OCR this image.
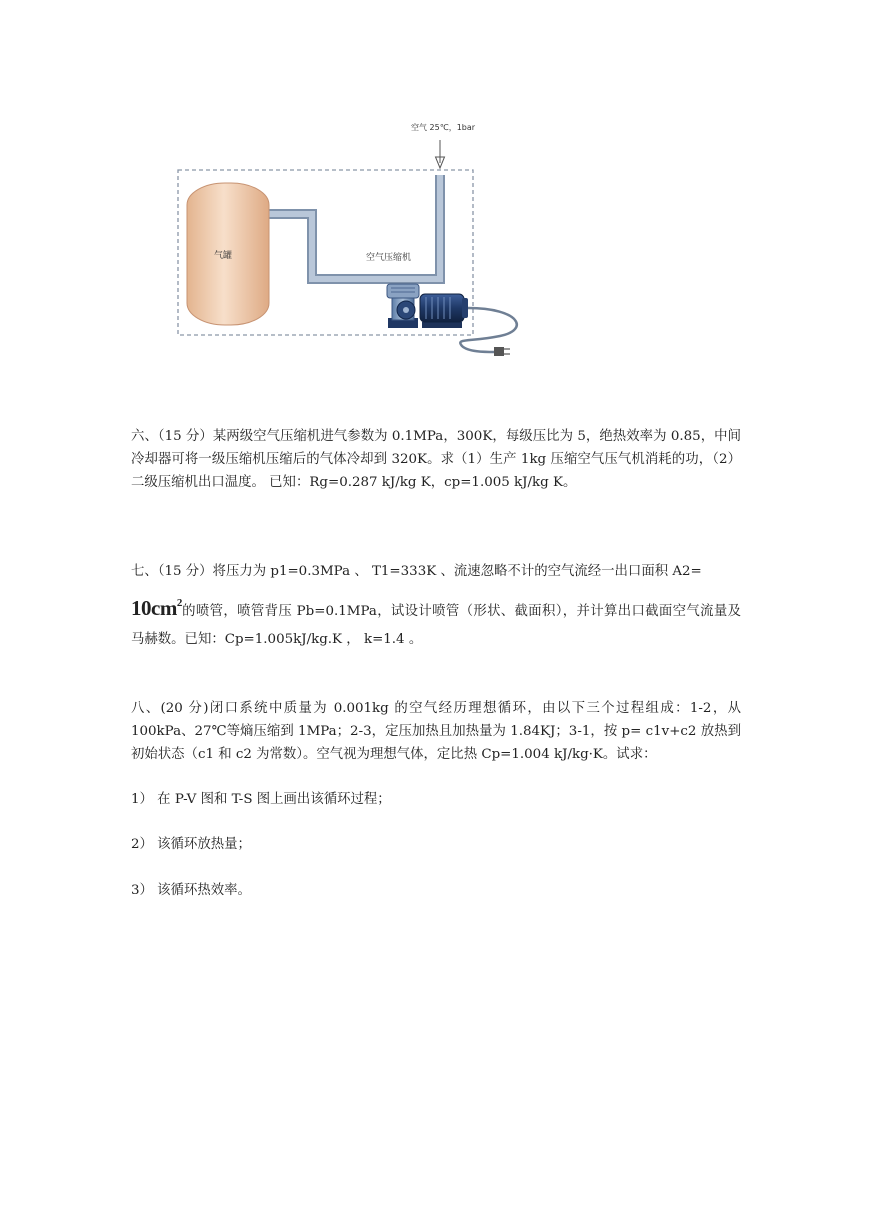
空气 25℃，1bar
气罐	空气压缩机

六、（15 分）某两级空气压缩机进气参数为 0.1MPa，300K，每级压比为 5，绝热效率为 0.85，中间冷却器可将一级压缩机压缩后的气体冷却到 320K。求（1）生产 1kg 压缩空气压气机消耗的功，（2）二级压缩机出口温度。 已知：Rg=0.287 kJ/kg K，cp=1.005 kJ/kg K。

七、（15 分）将压力为 p1=0.3MPa 、 T1=333K 、流速忽略不计的空气流经一出口面积 A2=

$10cm^2$的喷管，喷管背压 Pb=0.1MPa，试设计喷管（形状、截面积），并计算出口截面空气流量及马赫数。已知：Cp=1.005kJ/kg.K ， k=1.4 。

八、(20 分)闭口系统中质量为 0.001kg 的空气经历理想循环，由以下三个过程组成：1-2，从 100kPa、27℃等熵压缩到 1MPa；2-3，定压加热且加热量为 1.84KJ；3-1，按 p= c1v+c2 放热到初始状态（c1 和 c2 为常数）。空气视为理想气体，定比热 Cp=1.004 kJ/kg·K。试求：

1） 在 P-V 图和 T-S 图上画出该循环过程；
2） 该循环放热量；
3） 该循环热效率。
